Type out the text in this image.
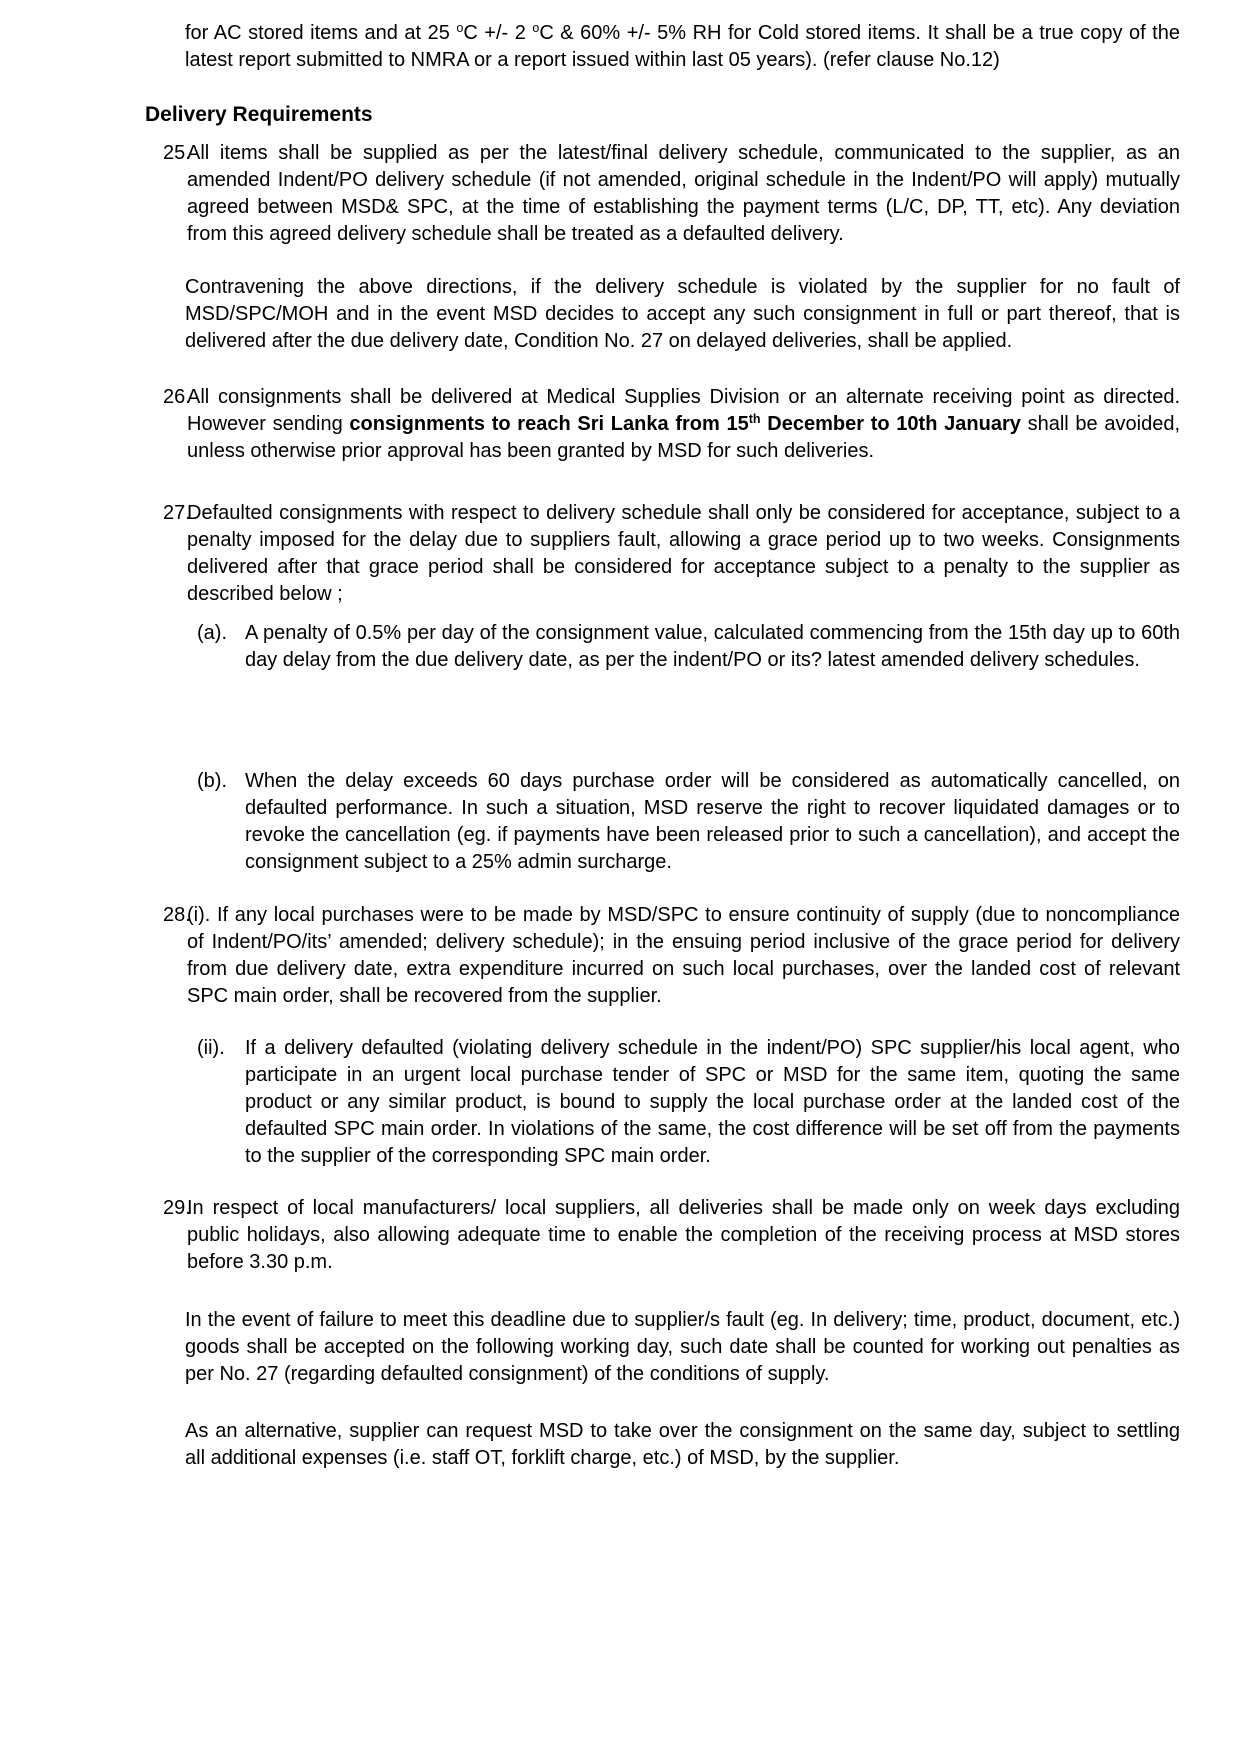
for AC stored items and at 25 $^o$C +/- 2 $^o$C & 60% +/- 5% RH for Cold stored items. It shall be a true copy of the latest report submitted to NMRA or a report issued within last 05 years). (refer clause No.12)

Delivery Requirements
25.
All items shall be supplied as per the latest/final delivery schedule, communicated to the supplier, as an amended Indent/PO delivery schedule (if not amended, original schedule in the Indent/PO will apply) mutually agreed between MSD& SPC, at the time of establishing the payment terms (L/C, DP, TT, etc). Any deviation from this agreed delivery schedule shall be treated as a defaulted delivery.

Contravening the above directions, if the delivery schedule is violated by the supplier for no fault of MSD/SPC/MOH and in the event MSD decides to accept any such consignment in full or part thereof, that is delivered after the due delivery date, Condition No. 27 on delayed deliveries, shall be applied.

26.
All consignments shall be delivered at Medical Supplies Division or an alternate receiving point as directed. However sending consignments to reach Sri Lanka from 15th December to 10th January shall be avoided, unless otherwise prior approval has been granted by MSD for such deliveries.
27.
Defaulted consignments with respect to delivery schedule shall only be considered for acceptance, subject to a penalty imposed for the delay due to suppliers fault, allowing a grace period up to two weeks. Consignments delivered after that grace period shall be considered for acceptance subject to a penalty to the supplier as described below ;
(a). A penalty of 0.5% per day of the consignment value, calculated commencing from the 15th day up to 60th day delay from the due delivery date, as per the indent/PO or its? latest amended delivery schedules.
(b). When the delay exceeds 60 days purchase order will be considered as automatically cancelled, on defaulted performance. In such a situation, MSD reserve the right to recover liquidated damages or to revoke the cancellation (eg. if payments have been released prior to such a cancellation), and accept the consignment subject to a 25% admin surcharge.
28.
(i). If any local purchases were to be made by MSD/SPC to ensure continuity of supply (due to noncompliance of Indent/PO/its’ amended; delivery schedule); in the ensuing period inclusive of the grace period for delivery from due delivery date, extra expenditure incurred on such local purchases, over the landed cost of relevant SPC main order, shall be recovered from the supplier.
(ii). If a delivery defaulted (violating delivery schedule in the indent/PO) SPC supplier/his local agent, who participate in an urgent local purchase tender of SPC or MSD for the same item, quoting the same product or any similar product, is bound to supply the local purchase order at the landed cost of the defaulted SPC main order. In violations of the same, the cost difference will be set off from the payments to the supplier of the corresponding SPC main order.
29.
In respect of local manufacturers/ local suppliers, all deliveries shall be made only on week days excluding public holidays, also allowing adequate time to enable the completion of the receiving process at MSD stores before 3.30 p.m.

In the event of failure to meet this deadline due to supplier/s fault (eg. In delivery; time, product, document, etc.) goods shall be accepted on the following working day, such date shall be counted for working out penalties as per No. 27 (regarding defaulted consignment) of the conditions of supply.

As an alternative, supplier can request MSD to take over the consignment on the same day, subject to settling all additional expenses (i.e. staff OT, forklift charge, etc.) of MSD, by the supplier.
